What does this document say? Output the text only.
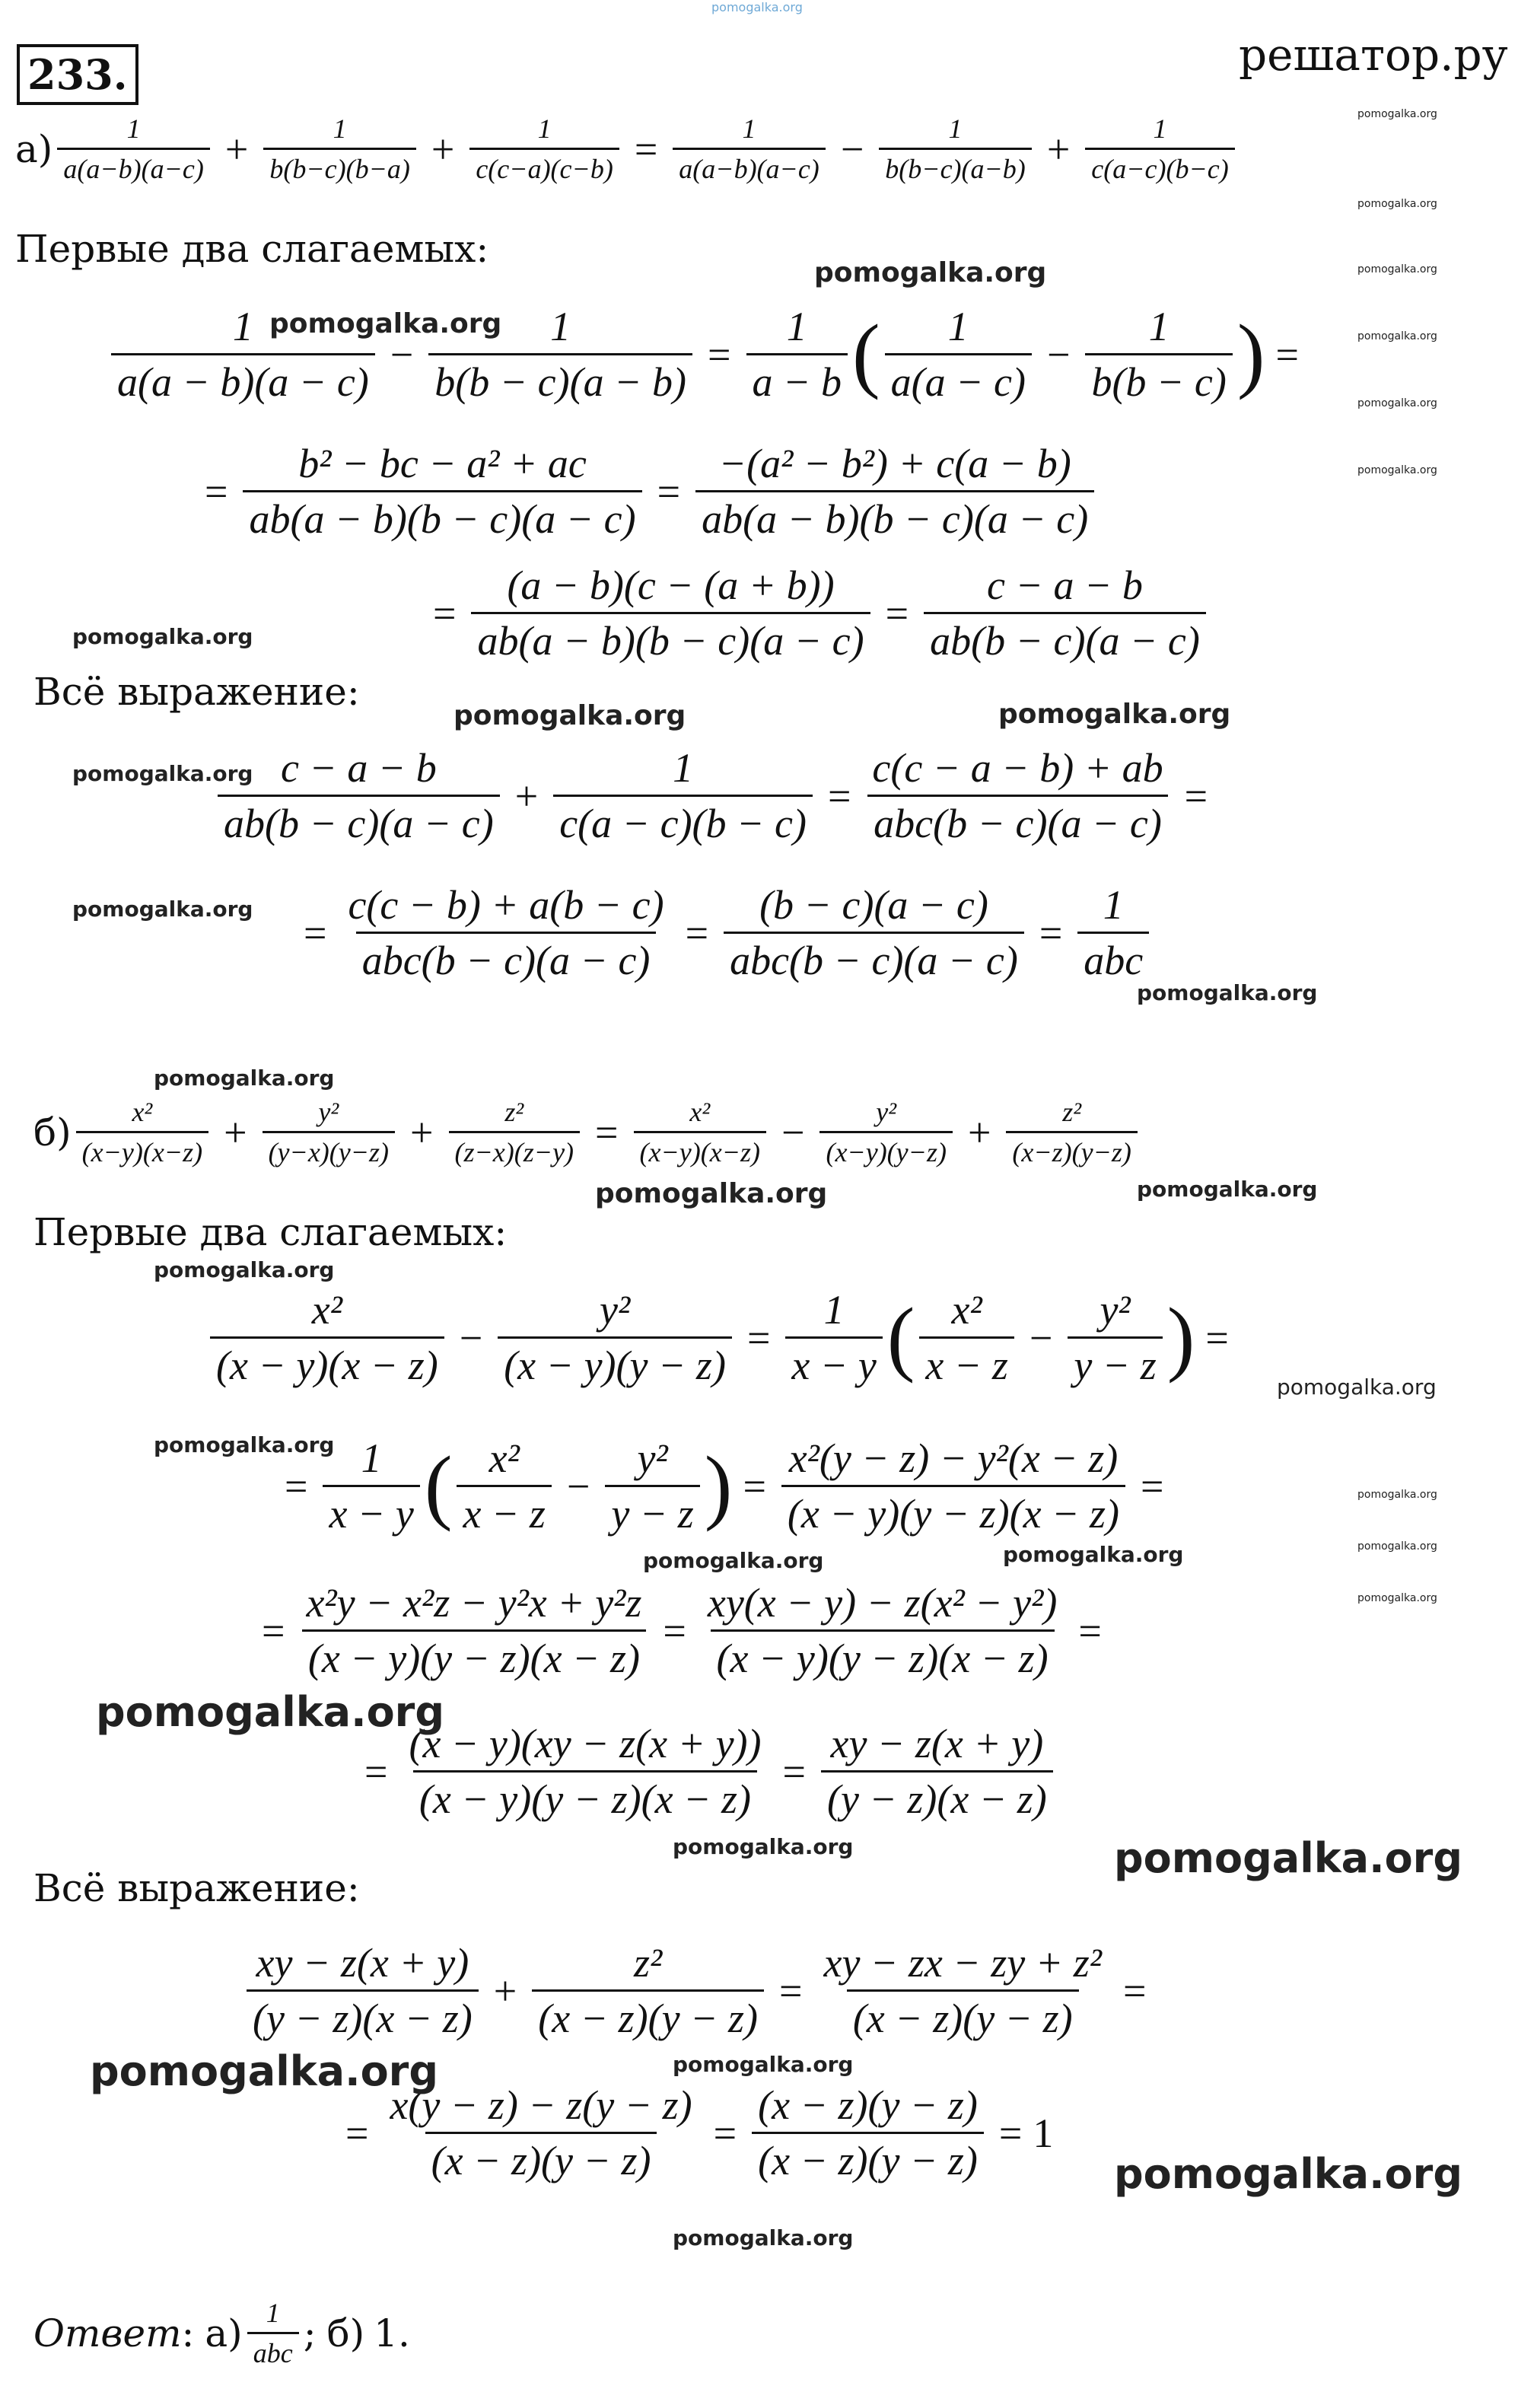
pomogalka.org
233.	решатор.ру
$а) \frac{1}{a(a-b)(a-c)} + \frac{1}{b(b-c)(b-a)} + \frac{1}{c(c-a)(c-b)} = \frac{1}{a(a-b)(a-c)} - \frac{1}{b(b-c)(a-b)} + \frac{1}{c(a-c)(b-c)}$
Первые два слагаемых:
$\frac{1}{a(a - b)(a - c)} - \frac{1}{b(b - c)(a - b)} = \frac{1}{a - b}$ ( $\frac{1}{a(a - c)} - \frac{1}{b(b - c)}$ ) =
= $\frac{\text{b² − bc − a² + ac}}{ab(a - b)(b - c)(a - c)} = \frac{\text{−(a² − b²) + c(a − b)}}{ab(a - b)(b - c)(a - c)}$
= $\frac{(a - b)(c - (a + b))}{ab(a - b)(b - c)(a - c)} = \frac{c - a - b}{ab(b - c)(a - c)}$
Всё выражение:
$\frac{c - a - b}{ab(b - c)(a - c)} + \frac{1}{c(a - c)(b - c)} = \frac{c(c - a - b) + ab}{\text{abc(b − c)(a − c)}}$ =
= $\frac{c(c - b) + a(b - c)}{\text{abc(b − c)(a − c)}} = \frac{(b - c)(a - c)}{\text{abc(b − c)(a − c)}} = \frac{1}{\text{abc}}$
$б) \frac{\text{x²}}{(x-y)(x-z)} + \frac{\text{y²}}{(y-x)(y-z)} + \frac{\text{z²}}{(z-x)(z-y)} = \frac{\text{x²}}{(x-y)(x-z)} - \frac{\text{y²}}{(x-y)(y-z)} + \frac{\text{z²}}{(x-z)(y-z)}$
Первые два слагаемых:
$\frac{\text{x²}}{(x - y)(x - z)} - \frac{\text{y²}}{(x - y)(y - z)} = \frac{1}{x - y}$ ( $\frac{\text{x²}}{x - z} - \frac{\text{y²}}{y - z}$ ) =
= $\frac{1}{x - y}$ ( $\frac{\text{x²}}{x - z} - \frac{\text{y²}}{y - z}$ ) = $\frac{\text{x²(y − z) − y²(x − z)}}{(x - y)(y - z)(x - z)}$ =
= $\frac{\text{x²y − x²z − y²x + y²z}}{(x - y)(y - z)(x - z)} = \frac{\text{xy(x − y) − z(x² − y²)}}{(x - y)(y - z)(x - z)}$ =
= $\frac{(x - y)(xy - z(x + y))}{(x - y)(y - z)(x - z)} = \frac{xy - z(x + y)}{(y - z)(x - z)}$
Всё выражение:
$\frac{xy - z(x + y)}{(y - z)(x - z)} + \frac{\text{z²}}{(x - z)(y - z)} = \frac{\text{xy − zx − zy + z²}}{(x - z)(y - z)}$ =
= $\frac{x(y - z) - z(y - z)}{(x - z)(y - z)} = \frac{(x - z)(y - z)}{(x - z)(y - z)} = 1$
Ответ : $а) \frac{1}{\text{abc}}$ ; б) 1.
pomogalka.org
pomogalka.org
pomogalka.org
pomogalka.org	pomogalka.org
pomogalka.org
pomogalka.org
pomogalka.org
pomogalka.org
pomogalka.org	pomogalka.org
pomogalka.org
pomogalka.org
pomogalka.org
pomogalka.org	pomogalka.org
pomogalka.org
pomogalka.org	pomogalka.org
pomogalka.org	pomogalka.org
pomogalka.org
pomogalka.org
pomogalka.org
pomogalka.org
pomogalka.org
pomogalka.org
pomogalka.org
pomogalka.org
pomogalka.org
pomogalka.org
pomogalka.org
